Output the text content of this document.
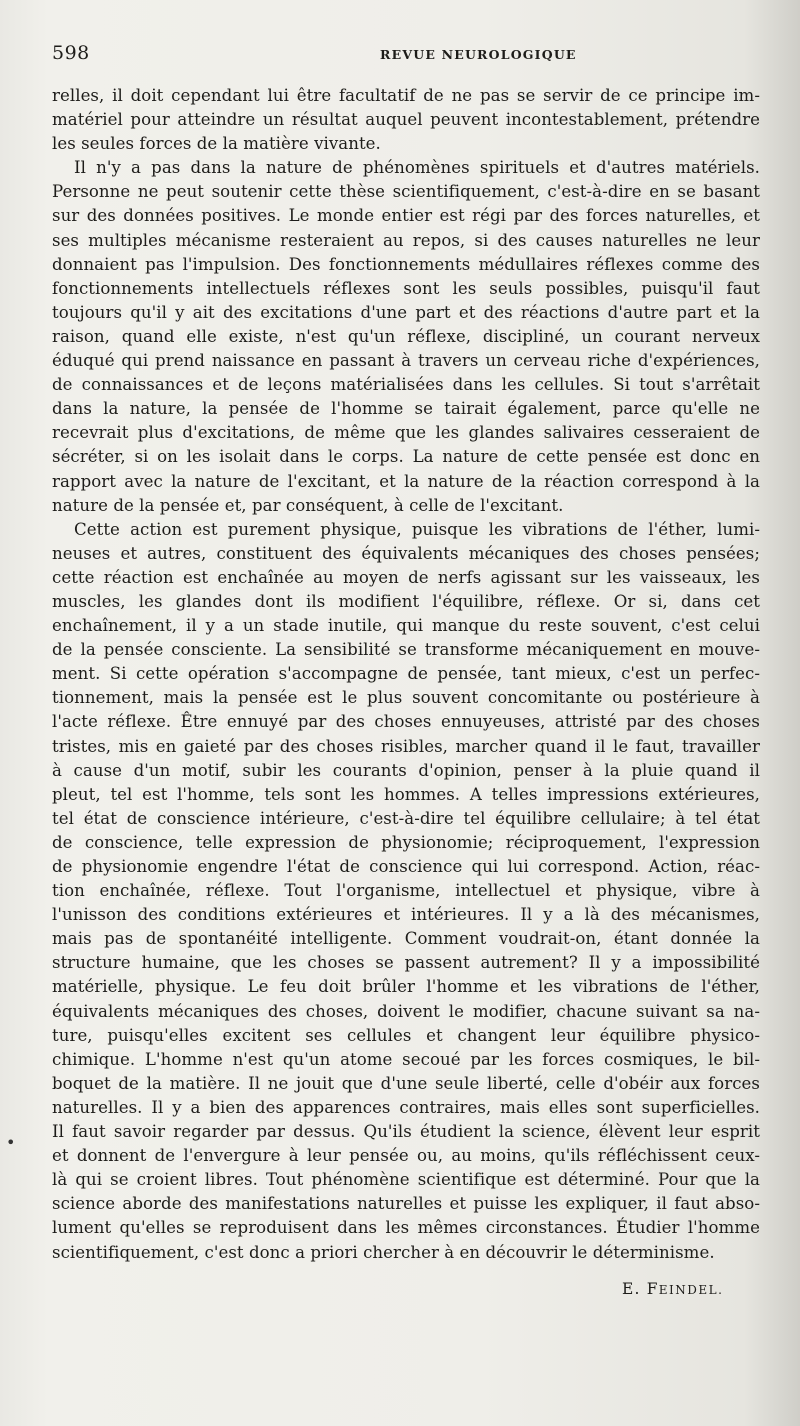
598	REVUE NEUROLOGIQUE
relles, il doit cependant lui être facultatif de ne pas se servir de ce principe im-
matériel pour atteindre un résultat auquel peuvent incontestablement, prétendre
les seules forces de la matière vivante.
Il n'y a pas dans la nature de phénomènes spirituels et d'autres matériels.
Personne ne peut soutenir cette thèse scientifiquement, c'est-à-dire en se basant
sur des données positives. Le monde entier est régi par des forces naturelles, et
ses multiples mécanisme resteraient au repos, si des causes naturelles ne leur
donnaient pas l'impulsion. Des fonctionnements médullaires réflexes comme des
fonctionnements intellectuels réflexes sont les seuls possibles, puisqu'il faut
toujours qu'il y ait des excitations d'une part et des réactions d'autre part et la
raison, quand elle existe, n'est qu'un réflexe, discipliné, un courant nerveux
éduqué qui prend naissance en passant à travers un cerveau riche d'expériences,
de connaissances et de leçons matérialisées dans les cellules. Si tout s'arrêtait
dans la nature, la pensée de l'homme se tairait également, parce qu'elle ne
recevrait plus d'excitations, de même que les glandes salivaires cesseraient de
sécréter, si on les isolait dans le corps. La nature de cette pensée est donc en
rapport avec la nature de l'excitant, et la nature de la réaction correspond à la
nature de la pensée et, par conséquent, à celle de l'excitant.
Cette action est purement physique, puisque les vibrations de l'éther, lumi-
neuses et autres, constituent des équivalents mécaniques des choses pensées;
cette réaction est enchaînée au moyen de nerfs agissant sur les vaisseaux, les
muscles, les glandes dont ils modifient l'équilibre, réflexe. Or si, dans cet
enchaînement, il y a un stade inutile, qui manque du reste souvent, c'est celui
de la pensée consciente. La sensibilité se transforme mécaniquement en mouve-
ment. Si cette opération s'accompagne de pensée, tant mieux, c'est un perfec-
tionnement, mais la pensée est le plus souvent concomitante ou postérieure à
l'acte réflexe. Être ennuyé par des choses ennuyeuses, attristé par des choses
tristes, mis en gaieté par des choses risibles, marcher quand il le faut, travailler
à cause d'un motif, subir les courants d'opinion, penser à la pluie quand il
pleut, tel est l'homme, tels sont les hommes. A telles impressions extérieures,
tel état de conscience intérieure, c'est-à-dire tel équilibre cellulaire; à tel état
de conscience, telle expression de physionomie; réciproquement, l'expression
de physionomie engendre l'état de conscience qui lui correspond. Action, réac-
tion enchaînée, réflexe. Tout l'organisme, intellectuel et physique, vibre à
l'unisson des conditions extérieures et intérieures. Il y a là des mécanismes,
mais pas de spontanéité intelligente. Comment voudrait-on, étant donnée la
structure humaine, que les choses se passent autrement? Il y a impossibilité
matérielle, physique. Le feu doit brûler l'homme et les vibrations de l'éther,
équivalents mécaniques des choses, doivent le modifier, chacune suivant sa na-
ture, puisqu'elles excitent ses cellules et changent leur équilibre physico-
chimique. L'homme n'est qu'un atome secoué par les forces cosmiques, le bil-
boquet de la matière. Il ne jouit que d'une seule liberté, celle d'obéir aux forces
naturelles. Il y a bien des apparences contraires, mais elles sont superficielles.
Il faut savoir regarder par dessus. Qu'ils étudient la science, élèvent leur esprit
et donnent de l'envergure à leur pensée ou, au moins, qu'ils réfléchissent ceux-
là qui se croient libres. Tout phénomène scientifique est déterminé. Pour que la
science aborde des manifestations naturelles et puisse les expliquer, il faut abso-
lument qu'elles se reproduisent dans les mêmes circonstances. Étudier l'homme
scientifiquement, c'est donc a priori chercher à en découvrir le déterminisme.
E. FEINDEL.
•
